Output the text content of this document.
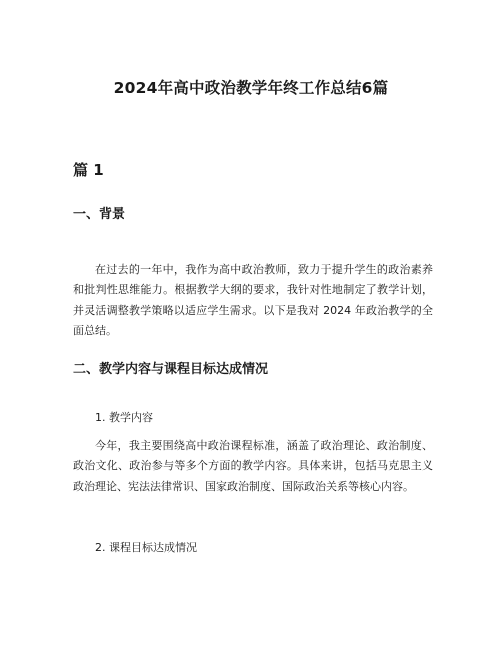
2024年高中政治教学年终工作总结6篇
篇 1
一、背景

在过去的一年中，我作为高中政治教师，致力于提升学生的政治素养和批判性思维能力。根据教学大纲的要求，我针对性地制定了教学计划，并灵活调整教学策略以适应学生需求。以下是我对 2024 年政治教学的全面总结。

二、教学内容与课程目标达成情况
1. 教学内容

今年，我主要围绕高中政治课程标准，涵盖了政治理论、政治制度、政治文化、政治参与等多个方面的教学内容。具体来讲，包括马克思主义政治理论、宪法法律常识、国家政治制度、国际政治关系等核心内容。

2. 课程目标达成情况
